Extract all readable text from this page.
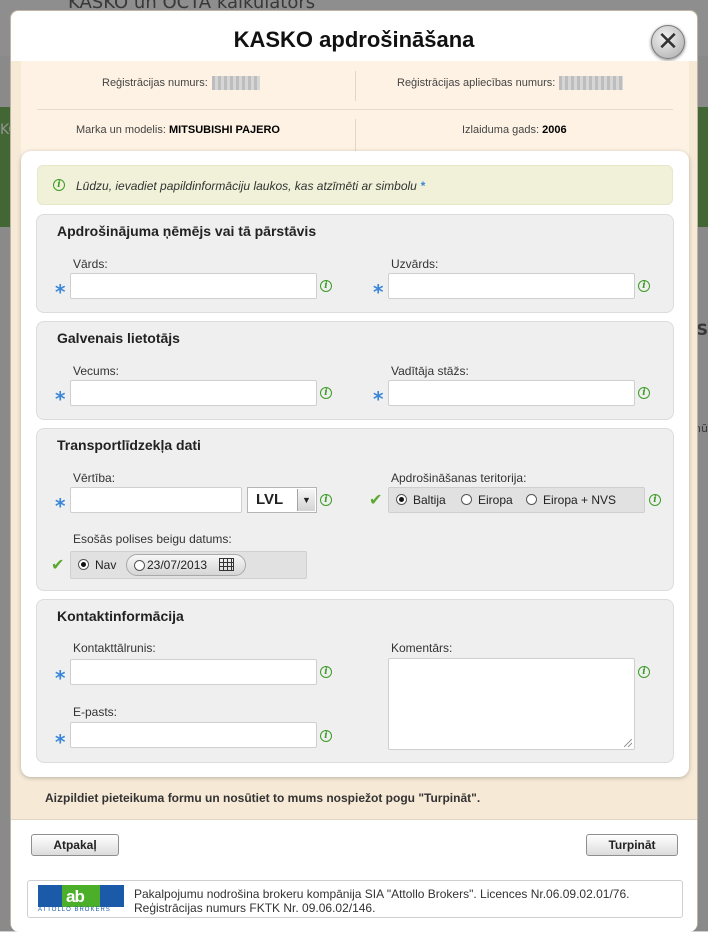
KASKO apdrošināšana	✕
Reģistrācijas numurs:	Reģistrācijas apliecības numurs:
Marka un modelis: MITSUBISHI PAJERO	Izlaiduma gads: 2006
i	Lūdzu, ievadiet papildinformāciju laukos, kas atzīmēti ar simbolu *
Apdrošinājuma ņēmējs vai tā pārstāvis
Vārds:
*	i
Uzvārds:
*	i
Galvenais lietotājs
Vecums:
*	i
Vadītāja stāžs:
*	i
Transportlīdzekļa dati
Vērtība:
*	LVL	▼	i
Apdrošināšanas teritorija:
✔	Baltija	Eiropa	Eiropa + NVS	i
Esošās polises beigu datums:
✔	Nav	23/07/2013
Kontaktinformācija
Kontakttālrunis:
*	i
E-pasts:
*	i
Komentārs:
i
Aizpildiet pieteikuma formu un nosūtiet to mums nospiežot pogu "Turpināt".
Atpakaļ	Turpināt
ab
ATTOLLO BROKERS
Pakalpojumu nodrošina brokeru kompānija SIA "Attollo Brokers". Licences Nr.06.09.02.01/76. Reģistrācijas numurs FKTK Nr. 09.06.02/146.
